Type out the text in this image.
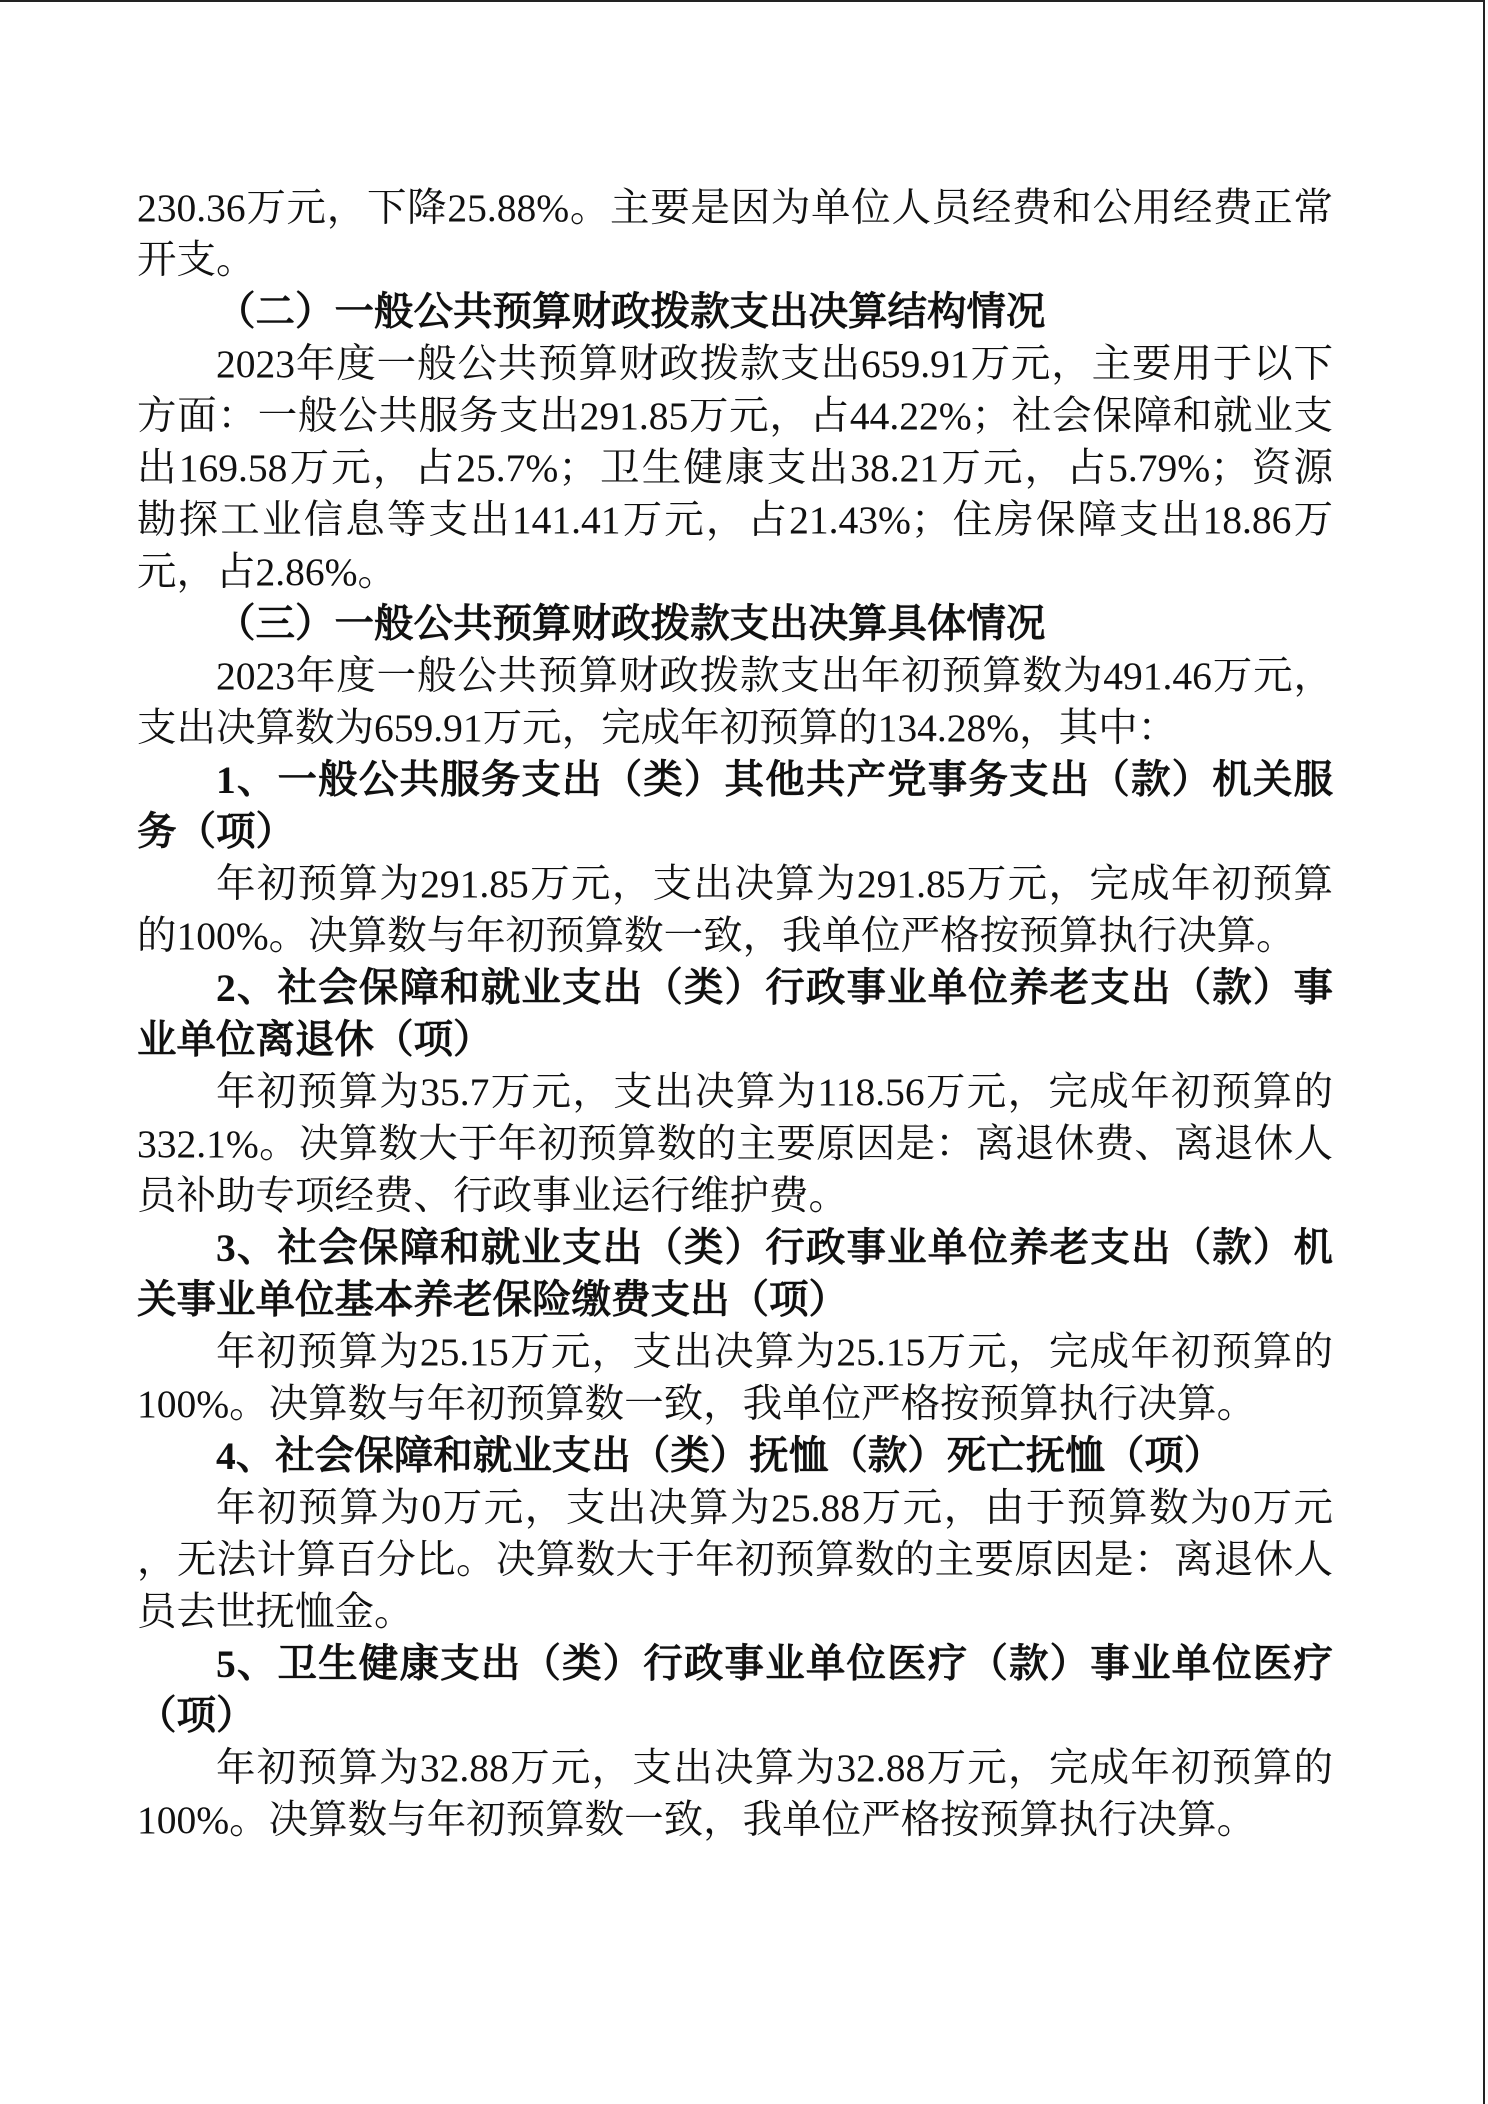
230.36万元，下降25.88%。主要是因为单位人员经费和公用经费正常
开支。
（二）一般公共预算财政拨款支出决算结构情况
2023年度一般公共预算财政拨款支出659.91万元，主要用于以下
方面：一般公共服务支出291.85万元，占44.22%；社会保障和就业支
出169.58万元，占25.7%；卫生健康支出38.21万元，占5.79%；资源
勘探工业信息等支出141.41万元，占21.43%；住房保障支出18.86万
元，占2.86%。
（三）一般公共预算财政拨款支出决算具体情况
2023年度一般公共预算财政拨款支出年初预算数为491.46万元，
支出决算数为659.91万元，完成年初预算的134.28%，其中：
1、一般公共服务支出（类）其他共产党事务支出（款）机关服
务（项）
年初预算为291.85万元，支出决算为291.85万元，完成年初预算
的100%。决算数与年初预算数一致，我单位严格按预算执行决算。
2、社会保障和就业支出（类）行政事业单位养老支出（款）事
业单位离退休（项）
年初预算为35.7万元，支出决算为118.56万元，完成年初预算的
332.1%。决算数大于年初预算数的主要原因是：离退休费、离退休人
员补助专项经费、行政事业运行维护费。
3、社会保障和就业支出（类）行政事业单位养老支出（款）机
关事业单位基本养老保险缴费支出（项）
年初预算为25.15万元，支出决算为25.15万元，完成年初预算的
100%。决算数与年初预算数一致，我单位严格按预算执行决算。
4、社会保障和就业支出（类）抚恤（款）死亡抚恤（项）
年初预算为0万元，支出决算为25.88万元，由于预算数为0万元
，无法计算百分比。决算数大于年初预算数的主要原因是：离退休人
员去世抚恤金。
5、卫生健康支出（类）行政事业单位医疗（款）事业单位医疗
（项）
年初预算为32.88万元，支出决算为32.88万元，完成年初预算的
100%。决算数与年初预算数一致，我单位严格按预算执行决算。
